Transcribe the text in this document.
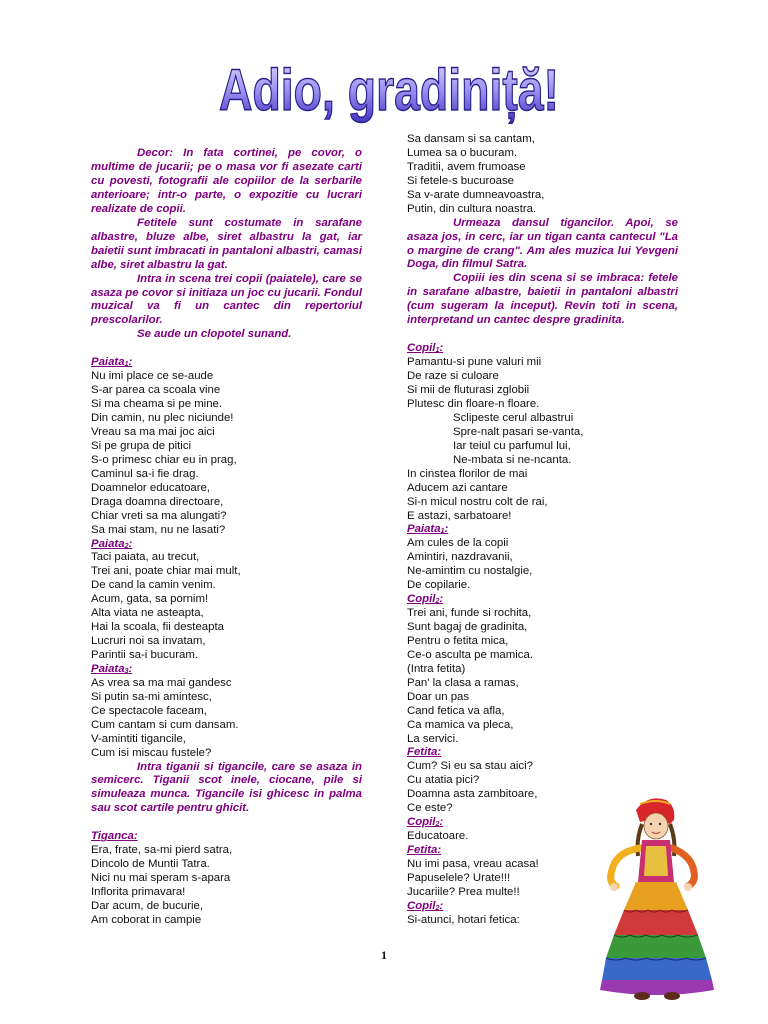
Adio, gradiniță!
Decor: In fata cortinei, pe covor, o multime de jucarii; pe o masa vor fi asezate carti cu povesti, fotografii ale copiilor de la serbarile anterioare; intr-o parte, o expozitie cu lucrari realizate de copii.
Fetitele sunt costumate in sarafane albastre, bluze albe, siret albastru la gat, iar baietii sunt imbracati in pantaloni albastri, camasi albe, siret albastru la gat.
Intra in scena trei copii (paiatele), care se asaza pe covor si initiaza un joc cu jucarii. Fondul muzical va fi un cantec din repertoriul prescolarilor.
Se aude un clopotel sunand.
Paiata$_1$:
Nu imi place ce se-aude
S-ar parea ca scoala vine
Si ma cheama si pe mine.
Din camin, nu plec niciunde!
Vreau sa ma mai joc aici
Si pe grupa de pitici
S-o primesc chiar eu in prag,
Caminul sa-i fie drag.
Doamnelor educatoare,
Draga doamna directoare,
Chiar vreti sa ma alungati?
Sa mai stam, nu ne lasati?
Paiata$_2$:
Taci paiata, au trecut,
Trei ani, poate chiar mai mult,
De cand la camin venim.
Acum, gata, sa pornim!
Alta viata ne asteapta,
Hai la scoala, fii desteapta
Lucruri noi sa invatam,
Parintii sa-i bucuram.
Paiata$_3$:
As vrea sa ma mai gandesc
Si putin sa-mi amintesc,
Ce spectacole faceam,
Cum cantam si cum dansam.
V-amintiti tigancile,
Cum isi miscau fustele?
Intra tiganii si tigancile, care se asaza in semicerc. Tiganii scot inele, ciocane, pile si simuleaza munca. Tigancile isi ghicesc in palma sau scot cartile pentru ghicit.
Tiganca:
Era, frate, sa-mi pierd satra,
Dincolo de Muntii Tatra.
Nici nu mai speram s-apara
Inflorita primavara!
Dar acum, de bucurie,
Am coborat in campie
Sa dansam si sa cantam,
Lumea sa o bucuram.
Traditii, avem frumoase
Si fetele-s bucuroase
Sa v-arate dumneavoastra,
Putin, din cultura noastra.
Urmeaza dansul tigancilor. Apoi, se asaza jos, in cerc, iar un tigan canta cantecul "La o margine de crang". Am ales muzica lui Yevgeni Doga, din filmul Satra.
Copiii ies din scena si se imbraca: fetele in sarafane albastre, baietii in pantaloni albastri (cum sugeram la inceput). Revin toti in scena, interpretand un cantec despre gradinita.
Copil$_1$:
Pamantu-si pune valuri mii
De raze si culoare
Si mii de fluturasi zglobii
Plutesc din floare-n floare.
Sclipeste cerul albastrui
Spre-nalt pasari se-vanta,
Iar teiul cu parfumul lui,
Ne-mbata si ne-ncanta.
In cinstea florilor de mai
Aducem azi cantare
Si-n micul nostru colt de rai,
E astazi, sarbatoare!
Paiata$_1$:
Am cules de la copii
Amintiri, nazdravanii,
Ne-amintim cu nostalgie,
De copilarie.
Copil$_2$:
Trei ani, funde si rochita,
Sunt bagaj de gradinita,
Pentru o fetita mica,
Ce-o asculta pe mamica.
(Intra fetita)
Pan' la clasa a ramas,
Doar un pas
Cand fetica va afla,
Ca mamica va pleca,
La servici.
Fetita:
Cum? Si eu sa stau aici?
Cu atatia pici?
Doamna asta zambitoare,
Ce este?
Copil$_2$:
Educatoare.
Fetita:
Nu imi pasa, vreau acasa!
Papuselele? Urate!!!
Jucariile? Prea multe!!
Copil$_2$:
Si-atunci, hotari fetica:
1
